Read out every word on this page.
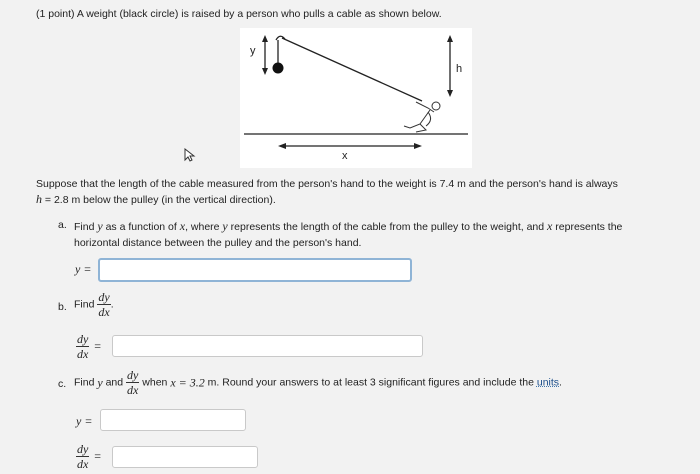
(1 point) A weight (black circle) is raised by a person who pulls a cable as shown below.
y
h
x
Suppose that the length of the cable measured from the person's hand to the weight is 7.4 m and the person's hand is always
h = 2.8 m below the pulley (in the vertical direction).
a. Find y as a function of x, where y represents the length of the cable from the pulley to the weight, and x represents the
horizontal distance between the pulley and the person's hand.
y =
b. Find $\frac{dy}{dx}$ .
$\frac{dy}{dx}$ =
c. Find y and $\frac{dy}{dx}$ when x = 3.2 m. Round your answers to at least 3 significant figures and include the units.
y =
$\frac{dy}{dx}$ =
